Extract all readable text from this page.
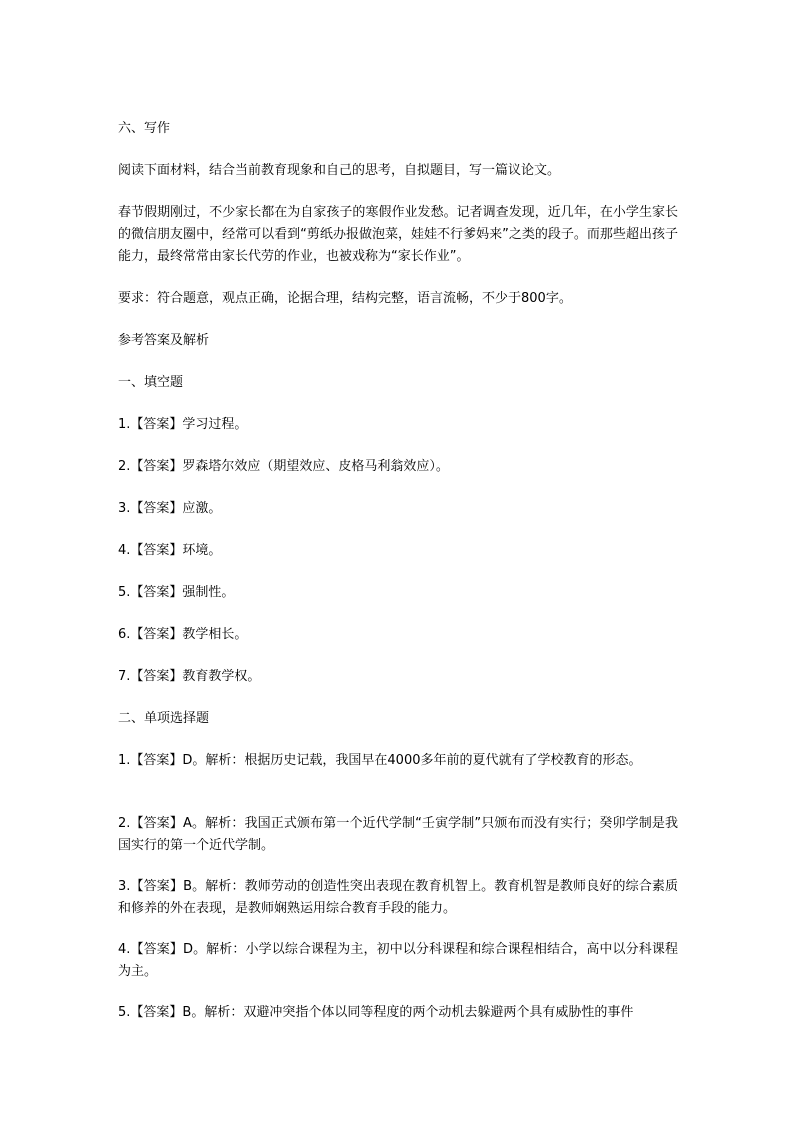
六、写作

阅读下面材料，结合当前教育现象和自己的思考，自拟题目，写一篇议论文。

春节假期刚过，不少家长都在为自家孩子的寒假作业发愁。记者调查发现，近几年，在小学生家长的微信朋友圈中，经常可以看到“剪纸办报做泡菜，娃娃不行爹妈来”之类的段子。而那些超出孩子能力，最终常常由家长代劳的作业，也被戏称为“家长作业”。

要求：符合题意，观点正确，论据合理，结构完整，语言流畅，不少于800字。

参考答案及解析

一、填空题

1.【答案】学习过程。

2.【答案】罗森塔尔效应（期望效应、皮格马利翁效应）。

3.【答案】应激。

4.【答案】环境。

5.【答案】强制性。

6.【答案】教学相长。

7.【答案】教育教学权。

二、单项选择题

1.【答案】D。解析：根据历史记载，我国早在4000多年前的夏代就有了学校教育的形态。

2.【答案】A。解析：我国正式颁布第一个近代学制“壬寅学制”只颁布而没有实行；癸卯学制是我国实行的第一个近代学制。

3.【答案】B。解析：教师劳动的创造性突出表现在教育机智上。教育机智是教师良好的综合素质和修养的外在表现，是教师娴熟运用综合教育手段的能力。

4.【答案】D。解析：小学以综合课程为主，初中以分科课程和综合课程相结合，高中以分科课程为主。

5.【答案】B。解析：双避冲突指个体以同等程度的两个动机去躲避两个具有威胁性的事件
